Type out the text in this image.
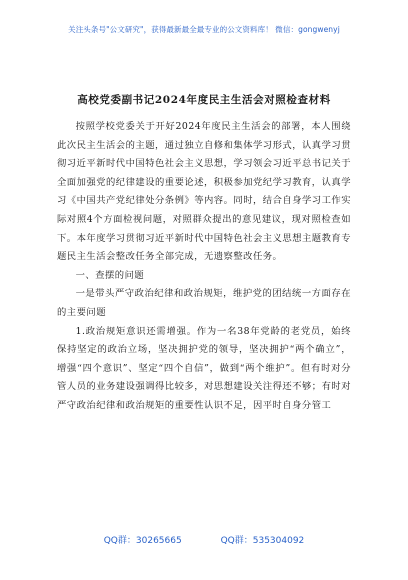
关注头条号"公文研究"，获得最新最全最专业的公文资料库！ 微信：gongwenyj
高校党委副书记2024年度民主生活会对照检查材料

按照学校党委关于开好2024年度民主生活会的部署，本人围绕此次民主生活会的主题，通过独立自修和集体学习形式，认真学习贯彻习近平新时代中国特色社会主义思想，学习领会习近平总书记关于全面加强党的纪律建设的重要论述，积极参加党纪学习教育，认真学习《中国共产党纪律处分条例》等内容。同时，结合自身学习工作实际对照4个方面检视问题，对照群众提出的意见建议，现对照检查如下。本年度学习贯彻习近平新时代中国特色社会主义思想主题教育专题民主生活会整改任务全部完成，无遗察整改任务。

一、查摆的问题

一是带头严守政治纪律和政治规矩，维护党的团结统一方面存在的主要问题

1.政治规矩意识还需增强。作为一名38年党龄的老党员，始终保持坚定的政治立场，坚决拥护党的领导，坚决拥护“两个确立”，增强“四个意识”、坚定“四个自信”，做到“两个维护”。但有时对分管人员的业务建设强调得比较多，对思想建设关注得还不够；有时对严守政治纪律和政治规矩的重要性认识不足，因平时自身分管工

QQ群：30265665	QQ群：535304092
